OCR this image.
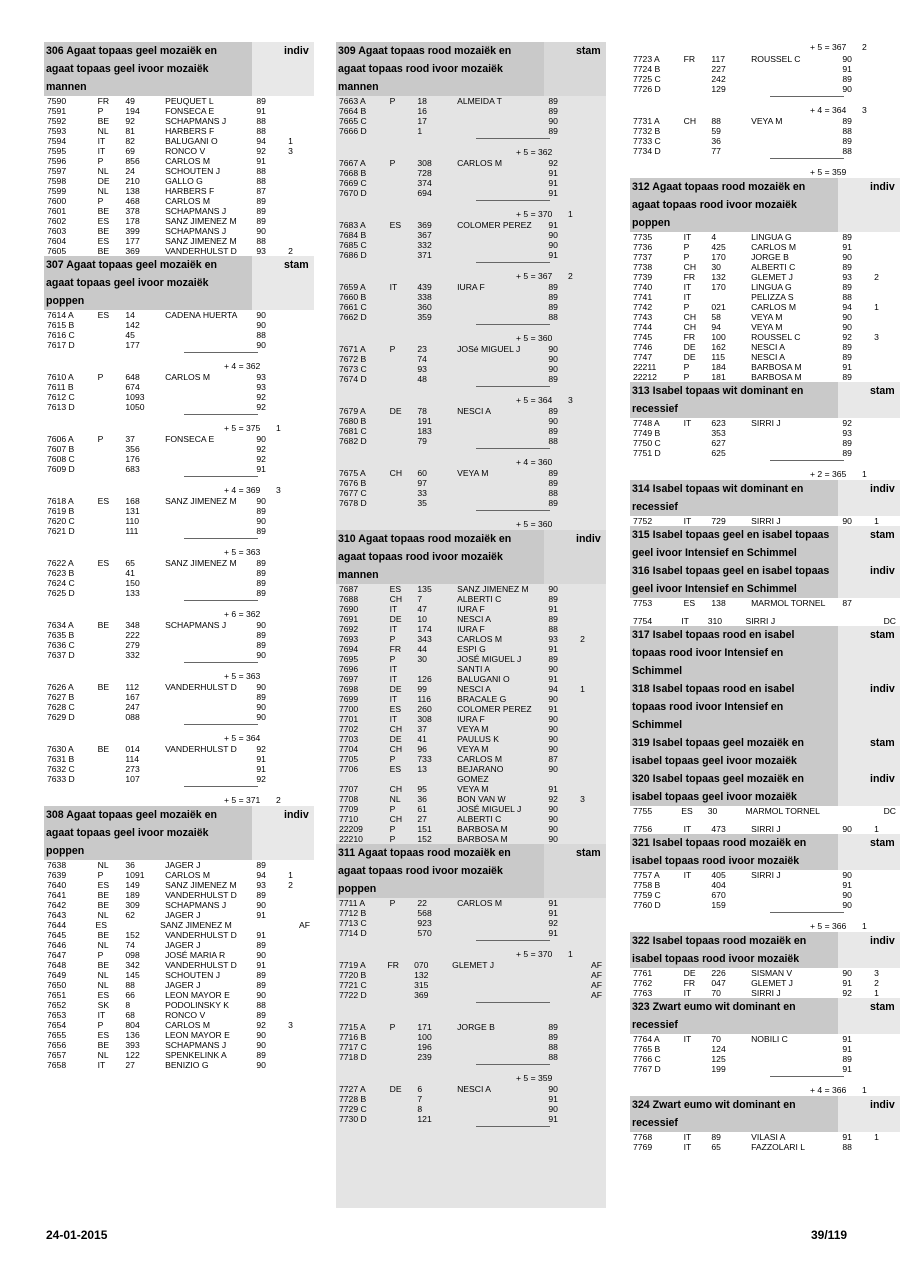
306 Agaat topaas geel mozaiëk en	indiv
agaat topaas geel ivoor mozaiëk
mannen
7590	FR	49	PEUQUET L	89
7591	P	194	FONSECA E	91
7592	BE	92	SCHAPMANS J	88
7593	NL	81	HARBERS F	88
7594	IT	82	BALUGANI O	94	1
7595	IT	69	RONCO V	92	3
7596	P	856	CARLOS M	91
7597	NL	24	SCHOUTEN J	88
7598	DE	210	GALLO G	88
7599	NL	138	HARBERS F	87
7600	P	468	CARLOS M	89
7601	BE	378	SCHAPMANS J	89
7602	ES	178	SANZ JIMENEZ M	89
7603	BE	399	SCHAPMANS J	90
7604	ES	177	SANZ JIMENEZ M	88
7605	BE	369	VANDERHULST D	93	2
307 Agaat topaas geel mozaiëk en	stam
agaat topaas geel ivoor mozaiëk
poppen
7614 A	ES	14	CADENA HUERTA	90
7615 B	142	90
7616 C	45	88
7617 D	177	90
+ 4 = 362
7610 A	P	648	CARLOS M	93
7611 B	674	93
7612 C	1093	92
7613 D	1050	92
+ 5 = 375 1
7606 A	P	37	FONSECA E	90
7607 B	356	92
7608 C	176	92
7609 D	683	91
+ 4 = 369 3
7618 A	ES	168	SANZ JIMENEZ M	90
7619 B	131	89
7620 C	110	90
7621 D	111	89
+ 5 = 363
7622 A	ES	65	SANZ JIMENEZ M	89
7623 B	41	89
7624 C	150	89
7625 D	133	89
+ 6 = 362
7634 A	BE	348	SCHAPMANS J	90
7635 B	222	89
7636 C	279	89
7637 D	332	90
+ 5 = 363
7626 A	BE	112	VANDERHULST D	90
7627 B	167	89
7628 C	247	90
7629 D	088	90
+ 5 = 364
7630 A	BE	014	VANDERHULST D	92
7631 B	114	91
7632 C	273	91
7633 D	107	92
+ 5 = 371 2
308 Agaat topaas geel mozaiëk en	indiv
agaat topaas geel ivoor mozaiëk
poppen
7638	NL	36	JAGER J	89
7639	P	1091	CARLOS M	94	1
7640	ES	149	SANZ JIMENEZ M	93	2
7641	BE	189	VANDERHULST D	89
7642	BE	309	SCHAPMANS J	90
7643	NL	62	JAGER J	91
7644	ES	SANZ JIMENEZ M	AF
7645	BE	152	VANDERHULST D	91
7646	NL	74	JAGER J	89
7647	P	098	JOSÉ MARIA R	90
7648	BE	342	VANDERHULST D	91
7649	NL	145	SCHOUTEN J	89
7650	NL	88	JAGER J	89
7651	ES	66	LEON MAYOR E	90
7652	SK	8	PODOLINSKY K	88
7653	IT	68	RONCO V	89
7654	P	804	CARLOS M	92	3
7655	ES	136	LEON MAYOR E	90
7656	BE	393	SCHAPMANS J	90
7657	NL	122	SPENKELINK A	89
7658	IT	27	BENIZIO G	90
309 Agaat topaas rood mozaiëk en	stam
agaat topaas rood ivoor mozaiëk
mannen
7663 A	P	18	ALMEIDA T	89
7664 B	16	89
7665 C	17	90
7666 D	1	89
+ 5 = 362
7667 A	P	308	CARLOS M	92
7668 B	728	91
7669 C	374	91
7670 D	694	91
+ 5 = 370 1
7683 A	ES	369	COLOMER PEREZ	91
7684 B	367	90
7685 C	332	90
7686 D	371	91
+ 5 = 367 2
7659 A	IT	439	IURA F	89
7660 B	338	89
7661 C	360	89
7662 D	359	88
+ 5 = 360
7671 A	P	23	JOSé MIGUEL J	90
7672 B	74	90
7673 C	93	90
7674 D	48	89
+ 5 = 364 3
7679 A	DE	78	NESCI A	89
7680 B	191	90
7681 C	183	89
7682 D	79	88
+ 4 = 360
7675 A	CH	60	VEYA M	89
7676 B	97	89
7677 C	33	88
7678 D	35	89
+ 5 = 360
310 Agaat topaas rood mozaiëk en	indiv
agaat topaas rood ivoor mozaiëk
mannen
7687	ES	135	SANZ JIMENEZ M	90
7688	CH	7	ALBERTI C	89
7690	IT	47	IURA F	91
7691	DE	10	NESCI A	89
7692	IT	174	IURA F	88
7693	P	343	CARLOS M	93	2
7694	FR	44	ESPI G	91
7695	P	30	JOSÉ MIGUEL J	89
7696	IT	SANTI A	90
7697	IT	126	BALUGANI O	91
7698	DE	99	NESCI A	94	1
7699	IT	116	BRACALE G	90
7700	ES	260	COLOMER PEREZ	91
7701	IT	308	IURA F	90
7702	CH	37	VEYA M	90
7703	DE	41	PAULUS K	90
7704	CH	96	VEYA M	90
7705	P	733	CARLOS M	87
7706	ES	13	BEJARANO	90
GOMEZ
7707	CH	95	VEYA M	91
7708	NL	36	BON VAN W	92	3
7709	P	61	JOSÉ MIGUEL J	90
7710	CH	27	ALBERTI C	90
22209	P	151	BARBOSA M	90
22210	P	152	BARBOSA M	90
311 Agaat topaas rood mozaiëk en	stam
agaat topaas rood ivoor mozaiëk
poppen
7711 A	P	22	CARLOS M	91
7712 B	568	91
7713 C	923	92
7714 D	570	91
+ 5 = 370 1
7719 A	FR	070	GLEMET J	AF
7720 B	132	AF
7721 C	315	AF
7722 D	369	AF
7715 A	P	171	JORGE B	89
7716 B	100	89
7717 C	196	88
7718 D	239	88
+ 5 = 359
7727 A	DE	6	NESCI A	90
7728 B	7	91
7729 C	8	90
7730 D	121	91
+ 5 = 367 2
7723 A	FR	117	ROUSSEL C	90
7724 B	227	91
7725 C	242	89
7726 D	129	90
+ 4 = 364 3
7731 A	CH	88	VEYA M	89
7732 B	59	88
7733 C	36	89
7734 D	77	88
+ 5 = 359
312 Agaat topaas rood mozaiëk en	indiv
agaat topaas rood ivoor mozaiëk
poppen
7735	IT	4	LINGUA G	89
7736	P	425	CARLOS M	91
7737	P	170	JORGE B	90
7738	CH	30	ALBERTI C	89
7739	FR	132	GLEMET J	93	2
7740	IT	170	LINGUA G	89
7741	IT	PELIZZA S	88
7742	P	021	CARLOS M	94	1
7743	CH	58	VEYA M	90
7744	CH	94	VEYA M	90
7745	FR	100	ROUSSEL C	92	3
7746	DE	162	NESCI A	89
7747	DE	115	NESCI A	89
22211	P	184	BARBOSA M	91
22212	P	181	BARBOSA M	89
313 Isabel topaas wit dominant en	stam
recessief
7748 A	IT	623	SIRRI J	92
7749 B	353	93
7750 C	627	89
7751 D	625	89
+ 2 = 365 1
314 Isabel topaas wit dominant en	indiv
recessief
7752	IT	729	SIRRI J	90	1
315 Isabel topaas geel en isabel topaas	stam
geel ivoor Intensief en Schimmel
316 Isabel topaas geel en isabel topaas	indiv
geel ivoor Intensief en Schimmel
7753	ES	138	MARMOL TORNEL	87
7754	IT	310	SIRRI J	DC
317 Isabel topaas rood en isabel	stam
topaas rood ivoor Intensief en
Schimmel
318 Isabel topaas rood en isabel	indiv
topaas rood ivoor Intensief en
Schimmel
319 Isabel topaas geel mozaiëk en	stam
isabel topaas geel ivoor mozaiëk
320 Isabel topaas geel mozaiëk en	indiv
isabel topaas geel ivoor mozaiëk
7755	ES	30	MARMOL TORNEL	DC
7756	IT	473	SIRRI J	90	1
321 Isabel topaas rood mozaiëk en	stam
isabel topaas rood ivoor mozaiëk
7757 A	IT	405	SIRRI J	90
7758 B	404	91
7759 C	670	90
7760 D	159	90
+ 5 = 366 1
322 Isabel topaas rood mozaiëk en	indiv
isabel topaas rood ivoor mozaiëk
7761	DE	226	SISMAN V	90	3
7762	FR	047	GLEMET J	91	2
7763	IT	70	SIRRI J	92	1
323 Zwart eumo wit dominant en	stam
recessief
7764 A	IT	70	NOBILI C	91
7765 B	124	91
7766 C	125	89
7767 D	199	91
+ 4 = 366 1
324 Zwart eumo wit dominant en	indiv
recessief
7768	IT	89	VILASI A	91	1
7769	IT	65	FAZZOLARI L	88
24-01-2015	39/119
